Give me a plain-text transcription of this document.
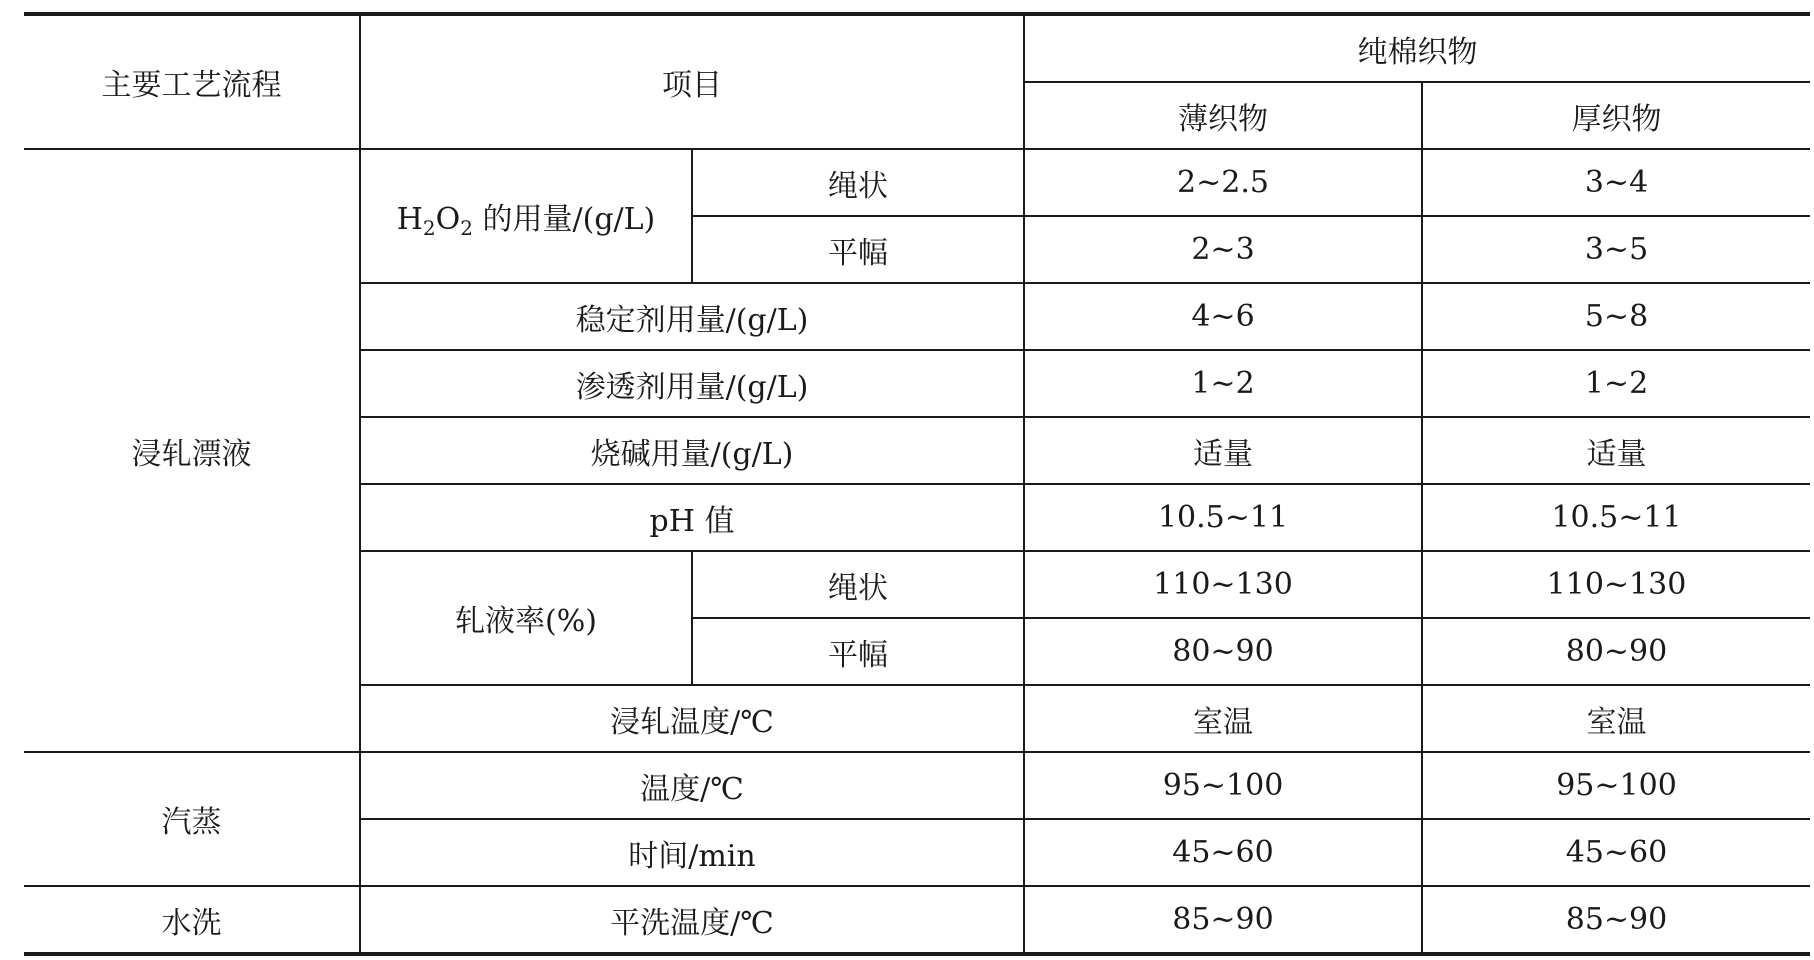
主要工艺流程	项目		纯棉织物	
			薄织物	厚织物
浸轧漂液	$H_2O_2$ 的用量/(g/L)	绳状	2~2.5	3~4
		平幅	2~3	3~5
	稳定剂用量/(g/L)		4~6	5~8
	渗透剂用量/(g/L)		1~2	1~2
	烧碱用量/(g/L)		适量	适量
	pH 值		10.5~11	10.5~11
	轧液率(%)	绳状	110~130	110~130
		平幅	80~90	80~90
	浸轧温度/℃		室温	室温
汽蒸	温度/℃		95~100	95~100
	时间/min		45~60	45~60
水洗	平洗温度/℃		85~90	85~90
